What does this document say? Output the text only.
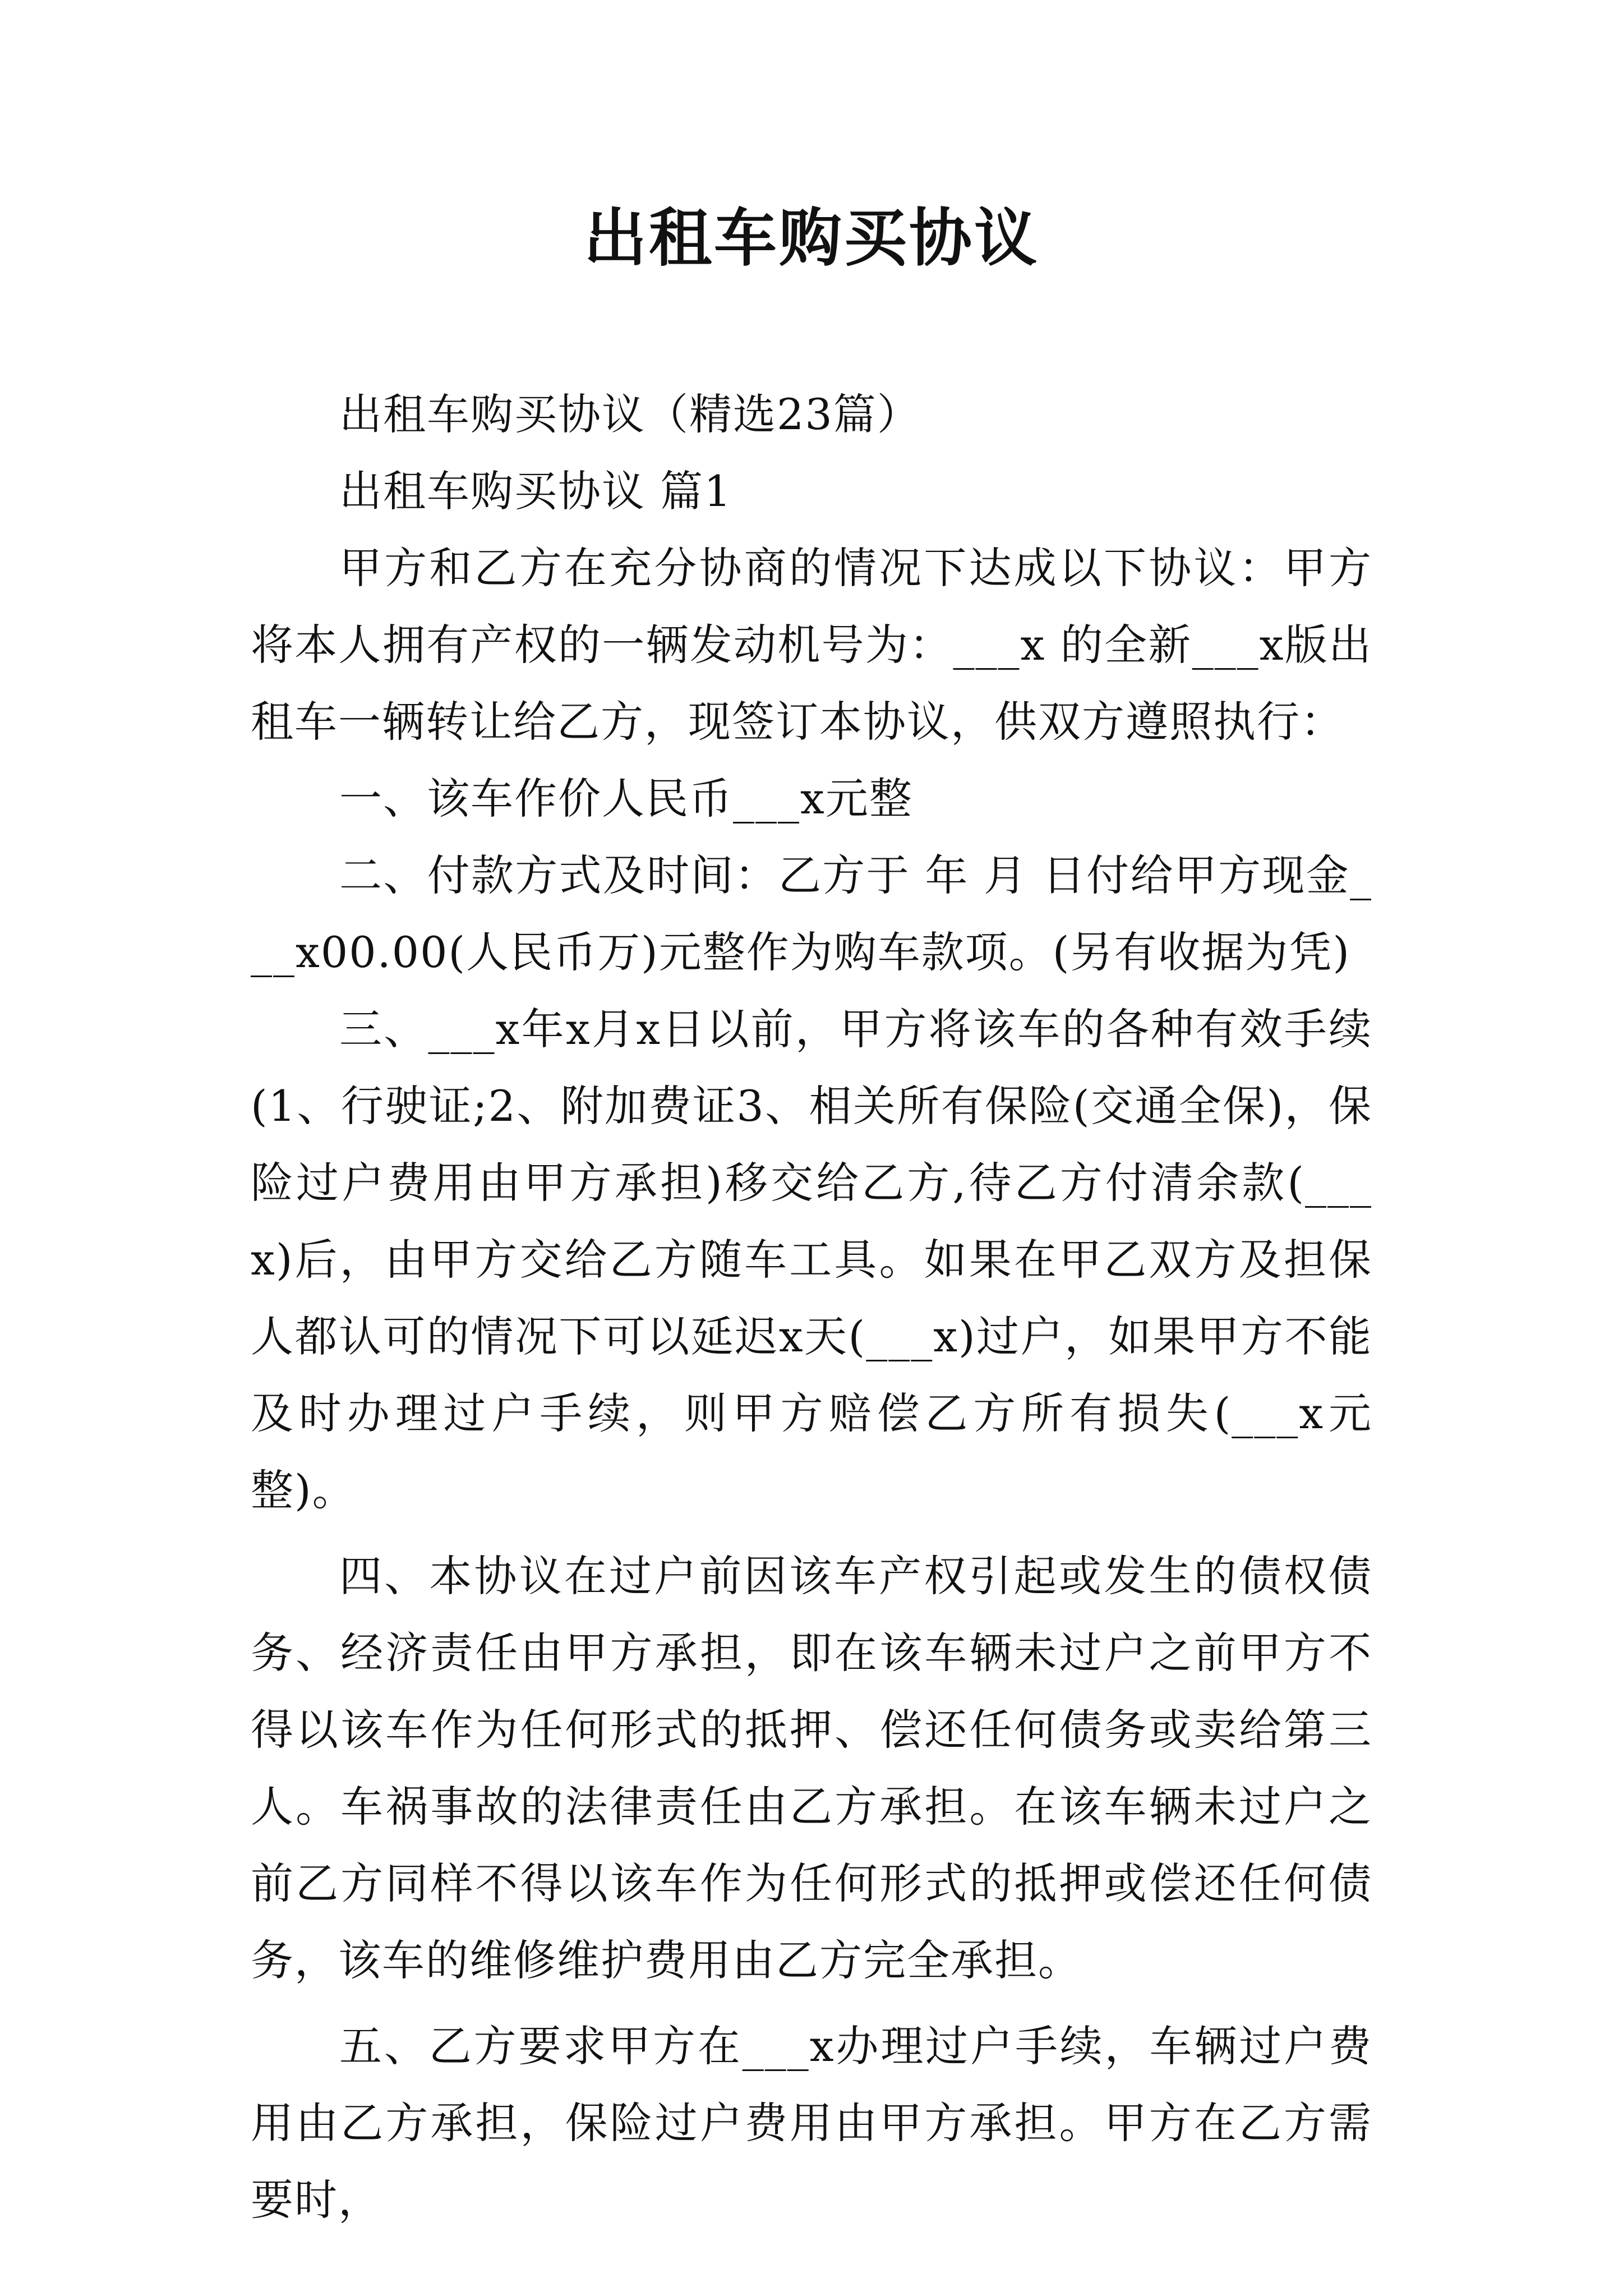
出租车购买协议

出租车购买协议（精选23篇）

出租车购买协议 篇1

甲方和乙方在充分协商的情况下达成以下协议：甲方将本人拥有产权的一辆发动机号为：___x 的全新___x版出租车一辆转让给乙方，现签订本协议，供双方遵照执行：

一、该车作价人民币___x元整

二、付款方式及时间：乙方于 年 月 日付给甲方现金___x00.00(人民币万)元整作为购车款项。(另有收据为凭)

三、___x年x月x日以前，甲方将该车的各种有效手续(1、行驶证;2、附加费证3、相关所有保险(交通全保)，保险过户费用由甲方承担)移交给乙方,待乙方付清余款(___x)后，由甲方交给乙方随车工具。如果在甲乙双方及担保人都认可的情况下可以延迟x天(___x)过户，如果甲方不能及时办理过户手续，则甲方赔偿乙方所有损失(___x元整)。

四、本协议在过户前因该车产权引起或发生的债权债务、经济责任由甲方承担，即在该车辆未过户之前甲方不得以该车作为任何形式的抵押、偿还任何债务或卖给第三人。车祸事故的法律责任由乙方承担。在该车辆未过户之前乙方同样不得以该车作为任何形式的抵押或偿还任何债务，该车的维修维护费用由乙方完全承担。

五、乙方要求甲方在___x办理过户手续，车辆过户费用由乙方承担，保险过户费用由甲方承担。甲方在乙方需要时，
